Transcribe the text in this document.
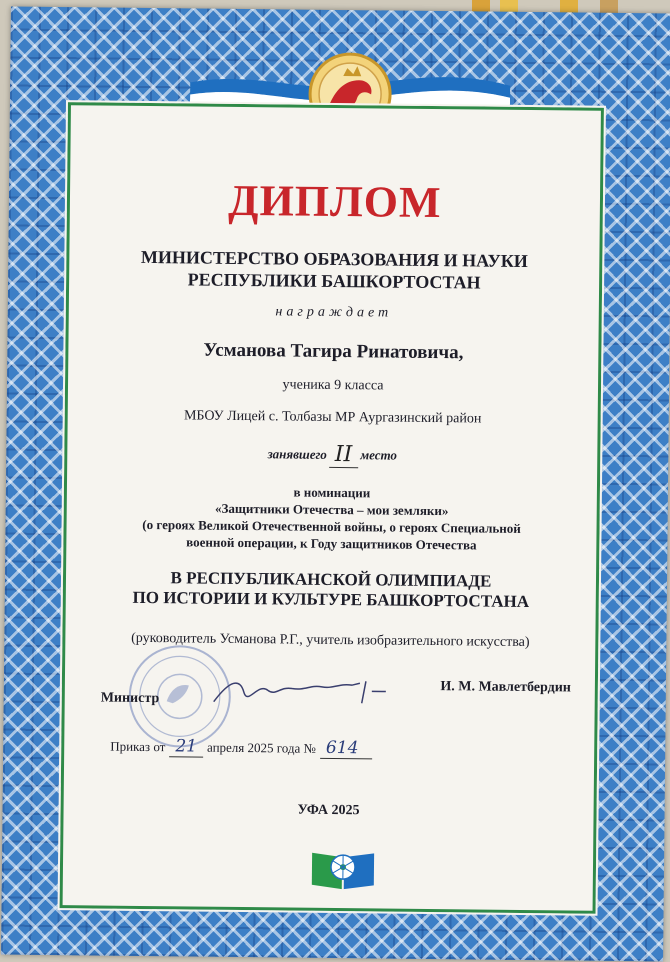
ДИПЛОМ
МИНИСТЕРСТВО ОБРАЗОВАНИЯ И НАУКИ
РЕСПУБЛИКИ БАШКОРТОСТАН
награждает
Усманова Тагира Ринатовича,
ученика 9 класса
МБОУ Лицей с. Толбазы МР Аургазинский район
занявшего II место
в номинации
«Защитники Отечества – мои земляки»
(о героях Великой Отечественной войны, о героях Специальной
военной операции, к Году защитников Отечества
В РЕСПУБЛИКАНСКОЙ ОЛИМПИАДЕ
ПО ИСТОРИИ И КУЛЬТУРЕ БАШКОРТОСТАНА
(руководитель Усманова Р.Г., учитель изобразительного искусства)
Министр
И. М. Мавлетбердин
Приказ от 21 апреля 2025 года № 614
УФА 2025
